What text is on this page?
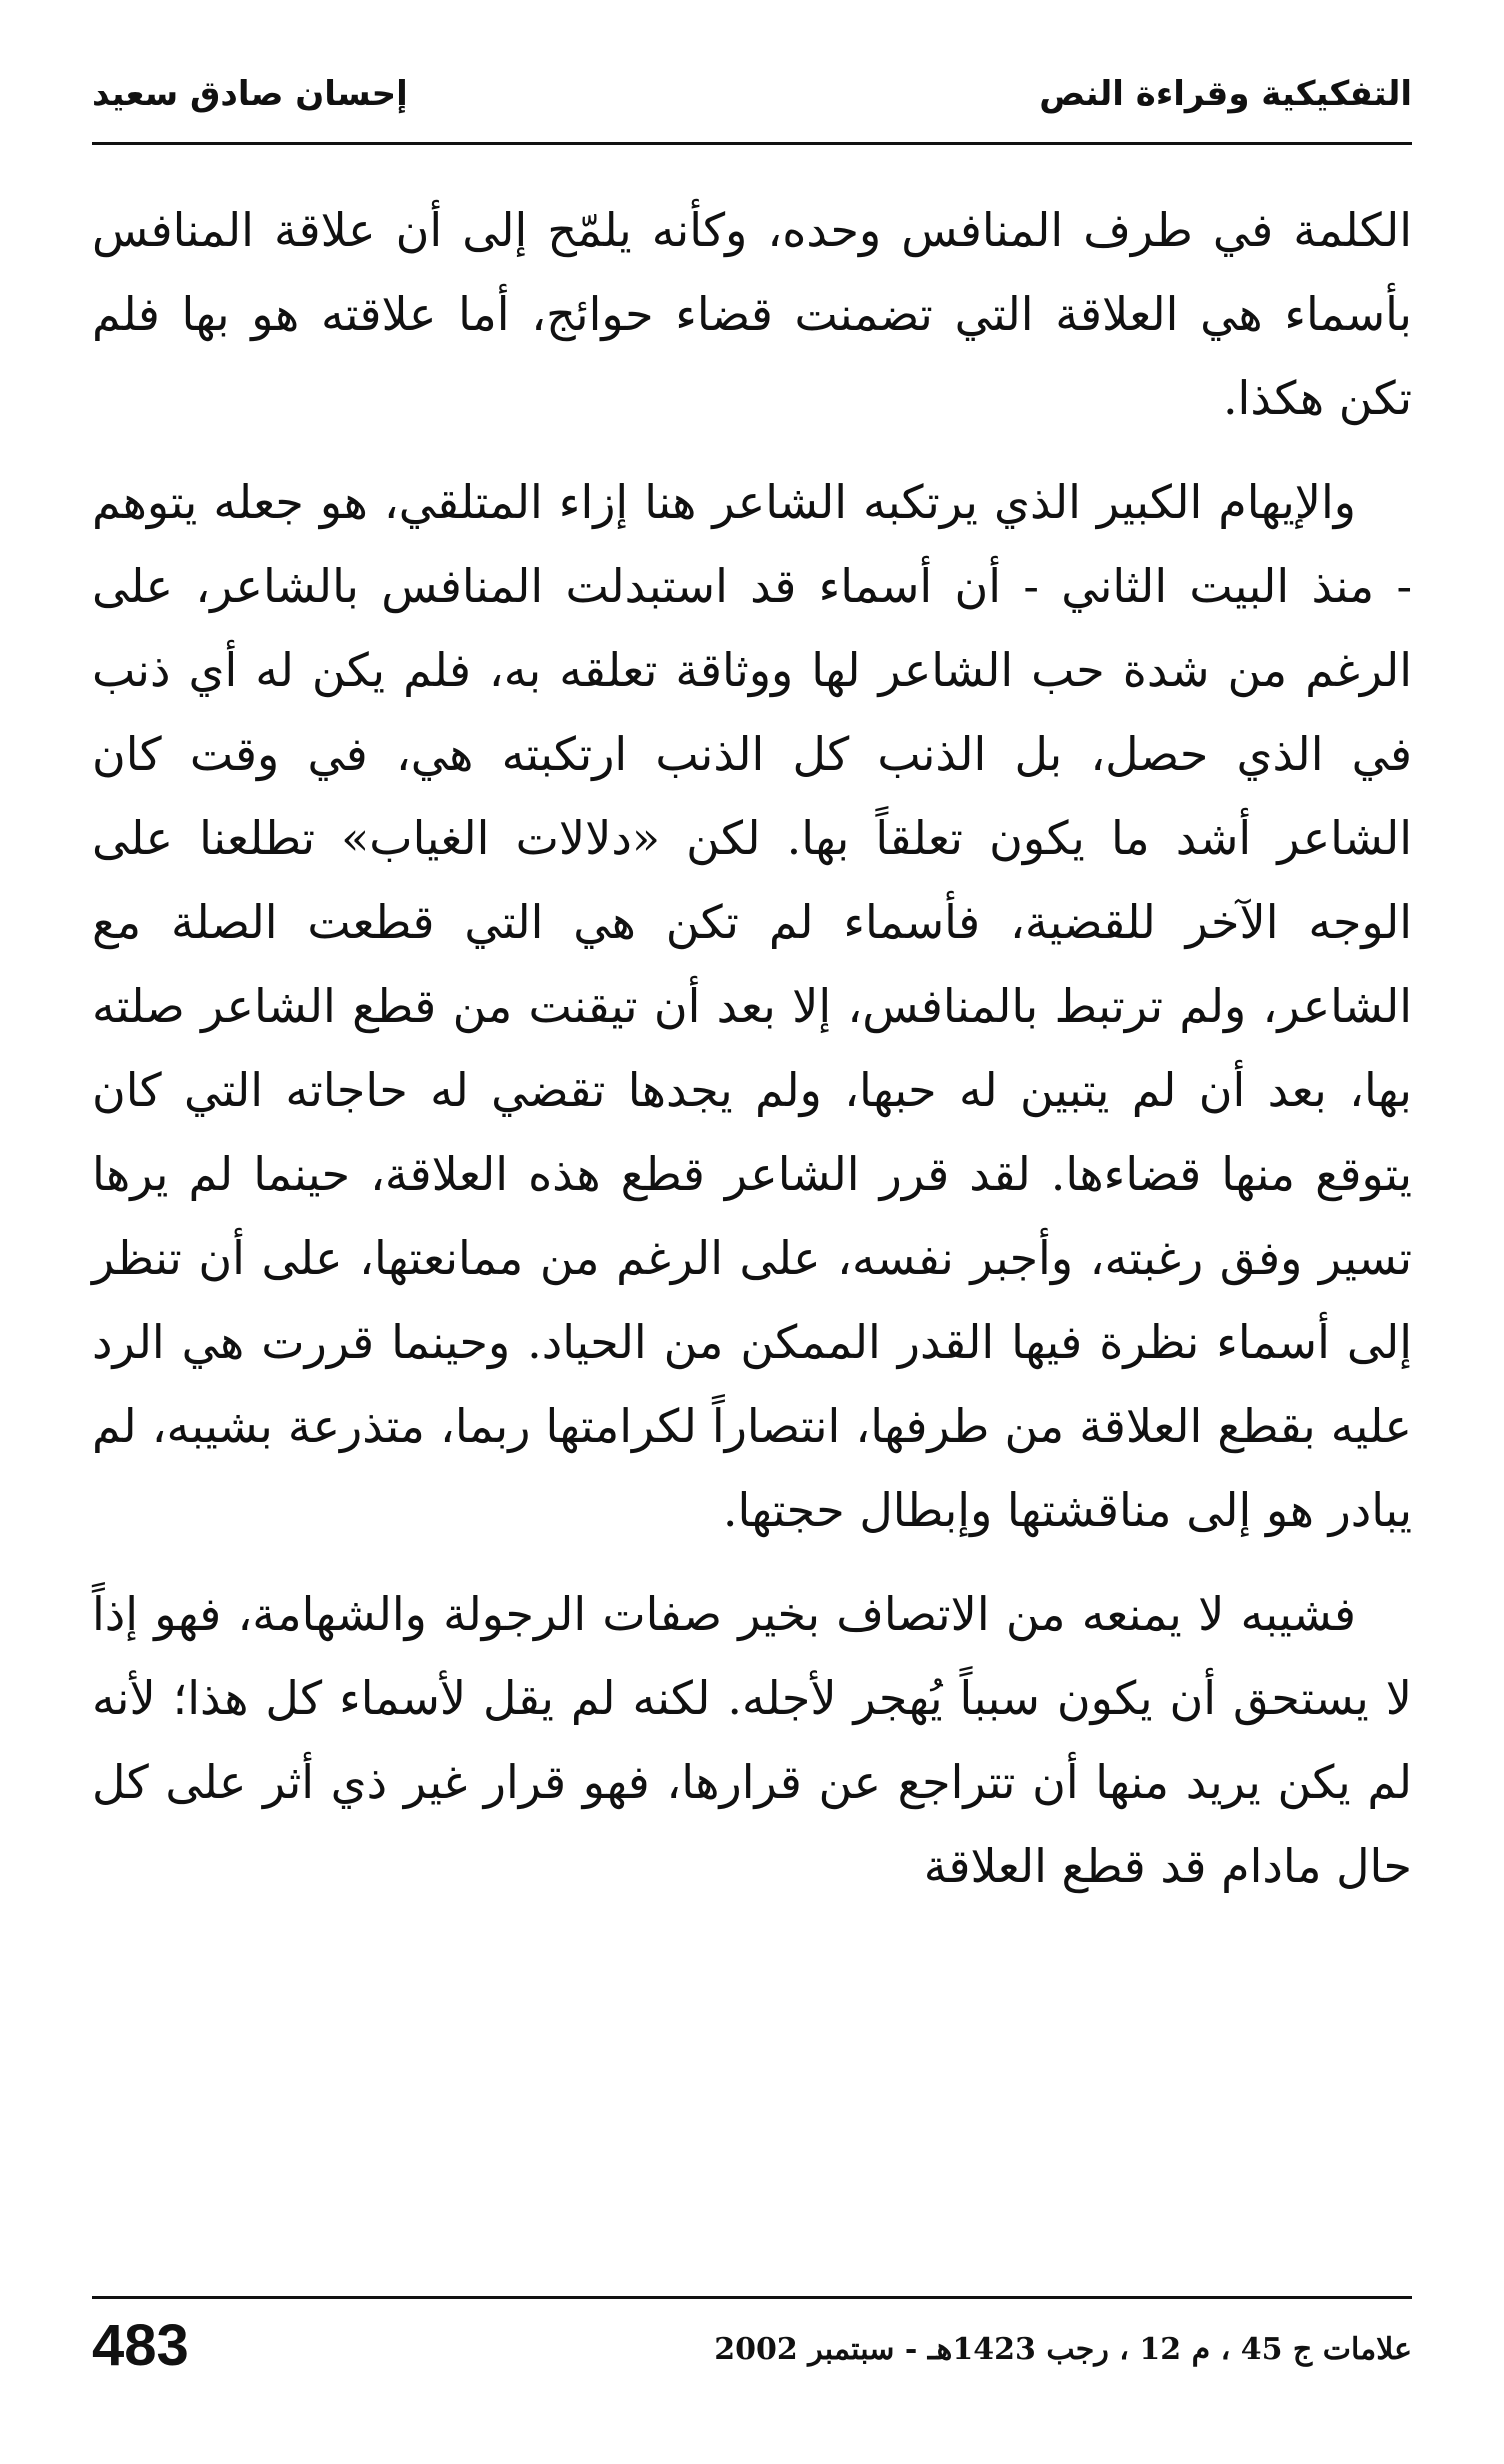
التفكيكية وقراءة النص
إحسان صادق سعيد

الكلمة في طرف المنافس وحده، وكأنه يلمّح إلى أن علاقة المنافس بأسماء هي العلاقة التي تضمنت قضاء حوائج، أما علاقته هو بها فلم تكن هكذا.

والإيهام الكبير الذي يرتكبه الشاعر هنا إزاء المتلقي، هو جعله يتوهم - منذ البيت الثاني - أن أسماء قد استبدلت المنافس بالشاعر، على الرغم من شدة حب الشاعر لها ووثاقة تعلقه به، فلم يكن له أي ذنب في الذي حصل، بل الذنب كل الذنب ارتكبته هي، في وقت كان الشاعر أشد ما يكون تعلقاً بها. لكن «دلالات الغياب» تطلعنا على الوجه الآخر للقضية، فأسماء لم تكن هي التي قطعت الصلة مع الشاعر، ولم ترتبط بالمنافس، إلا بعد أن تيقنت من قطع الشاعر صلته بها، بعد أن لم يتبين له حبها، ولم يجدها تقضي له حاجاته التي كان يتوقع منها قضاءها. لقد قرر الشاعر قطع هذه العلاقة، حينما لم يرها تسير وفق رغبته، وأجبر نفسه، على الرغم من ممانعتها، على أن تنظر إلى أسماء نظرة فيها القدر الممكن من الحياد. وحينما قررت هي الرد عليه بقطع العلاقة من طرفها، انتصاراً لكرامتها ربما، متذرعة بشيبه، لم يبادر هو إلى مناقشتها وإبطال حجتها.

فشيبه لا يمنعه من الاتصاف بخير صفات الرجولة والشهامة، فهو إذاً لا يستحق أن يكون سبباً يُهجر لأجله. لكنه لم يقل لأسماء كل هذا؛ لأنه لم يكن يريد منها أن تتراجع عن قرارها، فهو قرار غير ذي أثر على كل حال مادام قد قطع العلاقة

483	علامات ج 45 ، م 12 ، رجب 1423هـ - سبتمبر 2002
